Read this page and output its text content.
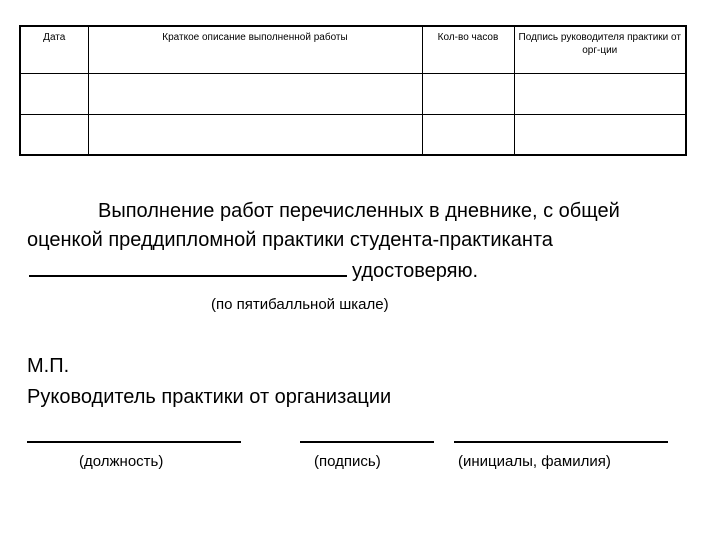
Дата	Краткое описание выполненной работы	Кол-во часов	Подпись руководителя практики от орг-ции

Выполнение работ перечисленных в дневнике, с общей оценкой преддипломной практики студента-практиканта удостоверяю.

(по пятибалльной шкале)
М.П.
Руководитель практики от организации
(должность)	(подпись)	(инициалы, фамилия)
